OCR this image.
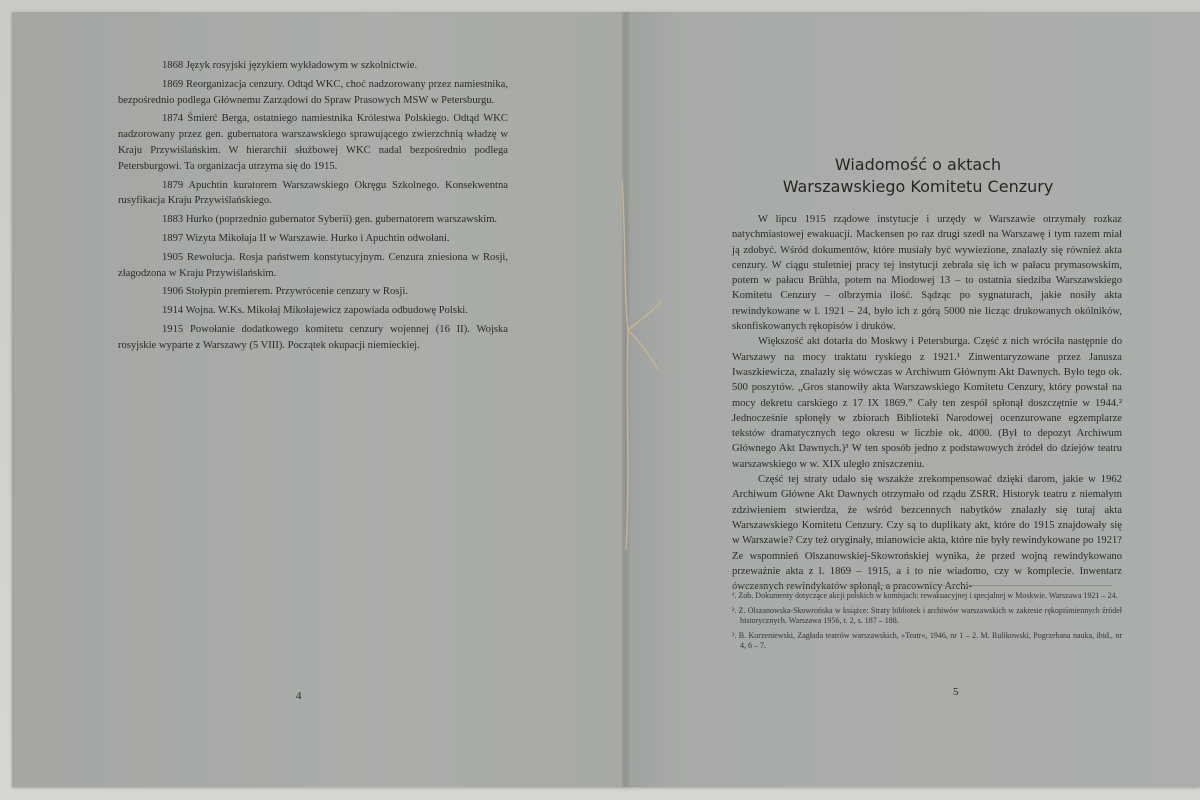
1868 Język rosyjski językiem wykładowym w szkolnictwie.

1869 Reorganizacja cenzury. Odtąd WKC, choć nadzorowany przez namiestnika, bezpośrednio podlega Głównemu Zarządowi do Spraw Prasowych MSW w Petersburgu.

1874 Śmierć Berga, ostatniego namiestnika Królestwa Polskiego. Odtąd WKC nadzorowany przez gen. gubernatora warszawskiego sprawującego zwierzchnią władzę w Kraju Przywiślańskim. W hierarchii służbowej WKC nadal bezpośrednio podlega Petersburgowi. Ta organizacja utrzyma się do 1915.

1879 Apuchtin kuratorem Warszawskiego Okręgu Szkolnego. Konsekwentna rusyfikacja Kraju Przywiślańskiego.

1883 Hurko (poprzednio gubernator Syberii) gen. gubernatorem warszawskim.

1897 Wizyta Mikołaja II w Warszawie. Hurko i Apuchtin odwołani.

1905 Rewolucja. Rosja państwem konstytucyjnym. Cenzura zniesiona w Rosji, złagodzona w Kraju Przywiślańskim.

1906 Stołypin premierem. Przywrócenie cenzury w Rosji.

1914 Wojna. W.Ks. Mikołaj Mikołajewicz zapowiada odbudowę Polski.

1915 Powołanie dodatkowego komitetu cenzury wojennej (16 II). Wojska rosyjskie wyparte z Warszawy (5 VIII). Początek okupacji niemieckiej.

4
Wiadomość o aktach
Warszawskiego Komitetu Cenzury

W lipcu 1915 rządowe instytucje i urzędy w Warszawie otrzymały rozkaz natychmiastowej ewakuacji. Mackensen po raz drugi szedł na Warszawę i tym razem miał ją zdobyć. Wśród dokumentów, które musiały być wywiezione, znalazły się również akta cenzury. W ciągu stuletniej pracy tej instytucji zebrała się ich w pałacu prymasowskim, potem w pałacu Brühla, potem na Miodowej 13 – to ostatnia siedziba Warszawskiego Komitetu Cenzury – olbrzymia ilość. Sądząc po sygnaturach, jakie nosiły akta rewindykowane w l. 1921 – 24, było ich z górą 5000 nie licząc drukowanych okólników, skonfiskowanych rękopisów i druków.

Większość akt dotarła do Moskwy i Petersburga. Część z nich wróciła następnie do Warszawy na mocy traktatu ryskiego z 1921.¹ Zinwentaryzowane przez Janusza Iwaszkiewicza, znalazły się wówczas w Archiwum Głównym Akt Dawnych. Było tego ok. 500 poszytów. „Gros stanowiły akta Warszawskiego Komitetu Cenzury, który powstał na mocy dekretu carskiego z 17 IX 1869.” Cały ten zespół spłonął doszczętnie w 1944.² Jednocześnie spłonęły w zbiorach Biblioteki Narodowej ocenzurowane egzemplarze tekstów dramatycznych tego okresu w liczbie ok. 4000. (Był to depozyt Archiwum Głównego Akt Dawnych.)³ W ten sposób jedno z podstawowych źródeł do dziejów teatru warszawskiego w w. XIX uległo zniszczeniu.

Część tej straty udało się wszakże zrekompensować dzięki darom, jakie w 1962 Archiwum Główne Akt Dawnych otrzymało od rządu ZSRR. Historyk teatru z niemałym zdziwieniem stwierdza, że wśród bezcennych nabytków znalazły się tutaj akta Warszawskiego Komitetu Cenzury. Czy są to duplikaty akt, które do 1915 znajdowały się w Warszawie? Czy też oryginały, mianowicie akta, które nie były rewindykowane po 1921? Ze wspomnień Olszanowskiej-Skowrońskiej wynika, że przed wojną rewindykowano przeważnie akta z l. 1869 – 1915, a i to nie wiadomo, czy w komplecie. Inwentarz ówczesnych rewindykatów spłonął, a pracownicy Archi-

¹. Zob. Dokumenty dotyczące akcji polskich w komisjach: rewakuacyjnej i specjalnej w Moskwie. Warszawa 1921 – 24.

². Z. Olszanowska-Skowrońska w książce: Straty bibliotek i archiwów warszawskich w zakresie rękopiśmiennych źródeł historycznych. Warszawa 1956, t. 2, s. 187 – 188.

³. B. Korzeniewski, Zagłada teatrów warszawskich, »Teatr«, 1946, nr 1 – 2. M. Rulikowski, Pogrzebana nauka, ibid., nr 4, 6 – 7.

5
